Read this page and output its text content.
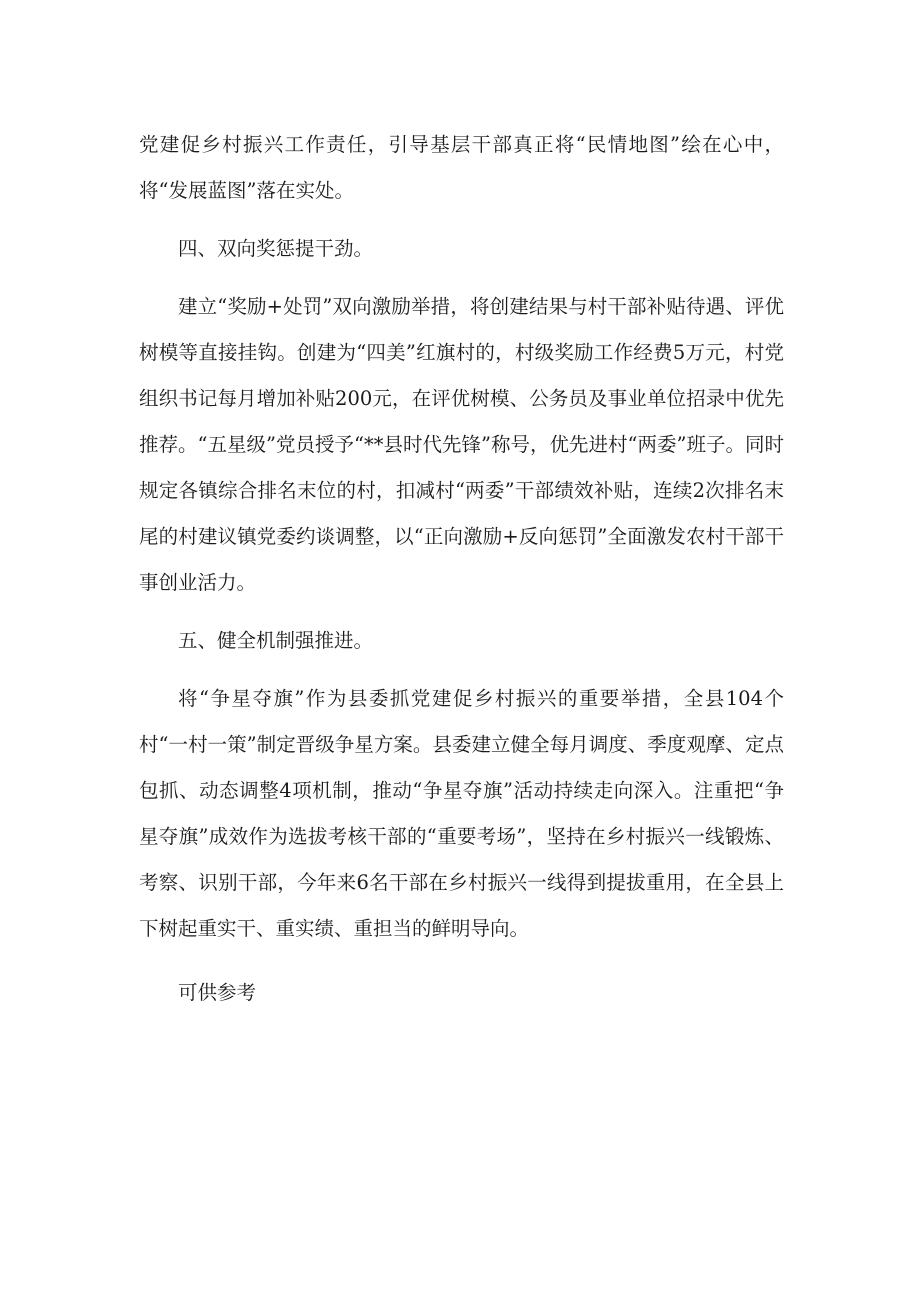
党建促乡村振兴工作责任，引导基层干部真正将“民情地图”绘在心中，将“发展蓝图”落在实处。

四、双向奖惩提干劲。

建立“奖励+处罚”双向激励举措，将创建结果与村干部补贴待遇、评优树模等直接挂钩。创建为“四美”红旗村的，村级奖励工作经费5万元，村党组织书记每月增加补贴200元，在评优树模、公务员及事业单位招录中优先推荐。“五星级”党员授予“**县时代先锋”称号，优先进村“两委”班子。同时规定各镇综合排名末位的村，扣减村“两委”干部绩效补贴，连续2次排名末尾的村建议镇党委约谈调整，以“正向激励+反向惩罚”全面激发农村干部干事创业活力。

五、健全机制强推进。

将“争星夺旗”作为县委抓党建促乡村振兴的重要举措，全县104个村“一村一策”制定晋级争星方案。县委建立健全每月调度、季度观摩、定点包抓、动态调整4项机制，推动“争星夺旗”活动持续走向深入。注重把“争星夺旗”成效作为选拔考核干部的“重要考场”，坚持在乡村振兴一线锻炼、考察、识别干部，今年来6名干部在乡村振兴一线得到提拔重用，在全县上下树起重实干、重实绩、重担当的鲜明导向。

可供参考
